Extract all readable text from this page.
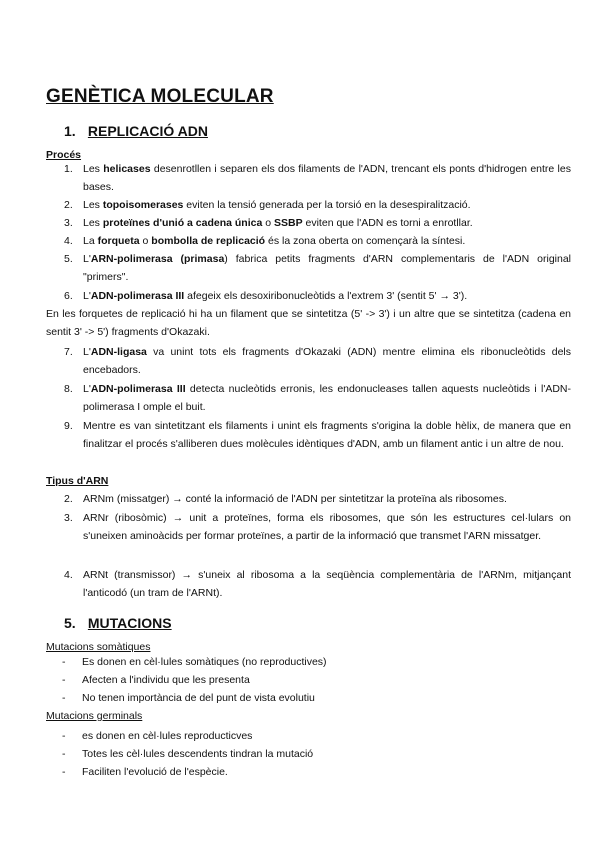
GENÈTICA MOLECULAR
1. REPLICACIÓ ADN

Procés

1. Les helicases desenrotllen i separen els dos filaments de l'ADN, trencant els ponts d'hidrogen entre les bases.
2. Les topoisomerases eviten la tensió generada per la torsió en la desespiralització.
3. Les proteïnes d'unió a cadena única o SSBP eviten que l'ADN es torni a enrotllar.
4. La forqueta o bombolla de replicació és la zona oberta on començarà la síntesi.
5. L'ARN-polimerasa (primasa) fabrica petits fragments d'ARN complementaris de l'ADN original "primers".
6. L'ADN-polimerasa III afegeix els desoxiribonucleòtids a l'extrem 3' (sentit 5' → 3').

En les forquetes de replicació hi ha un filament que se sintetitza (5' -> 3') i un altre que se sintetitza (cadena en sentit 3' -> 5') fragments d'Okazaki.

7. L'ADN-ligasa va unint tots els fragments d'Okazaki (ADN) mentre elimina els ribonucleòtids dels encebadors.
8. L'ADN-polimerasa III detecta nucleòtids erronis, les endonucleases tallen aquests nucleòtids i l'ADN-polimerasa I omple el buit.
9. Mentre es van sintetitzant els filaments i unint els fragments s'origina la doble hèlix, de manera que en finalitzar el procés s'alliberen dues molècules idèntiques d'ADN, amb un filament antic i un altre de nou.

Tipus d'ARN

2. ARNm (missatger) → conté la informació de l'ADN per sintetitzar la proteïna als ribosomes.
3. ARNr (ribosòmic) → unit a proteïnes, forma els ribosomes, que són les estructures cel·lulars on s'uneixen aminoàcids per formar proteïnes, a partir de la informació que transmet l'ARN missatger.
4. ARNt (transmissor) → s'uneix al ribosoma a la seqüència complementària de l'ARNm, mitjançant l'anticodó (un tram de l'ARNt).
5. MUTACIONS

Mutacions somàtiques

- Es donen en cèl·lules somàtiques (no reproductives)
- Afecten a l'individu que les presenta
- No tenen importància de del punt de vista evolutiu

Mutacions germinals

- es donen en cèl·lules reproducticves
- Totes les cèl·lules descendents tindran la mutació
- Faciliten l'evolució de l'espècie.
